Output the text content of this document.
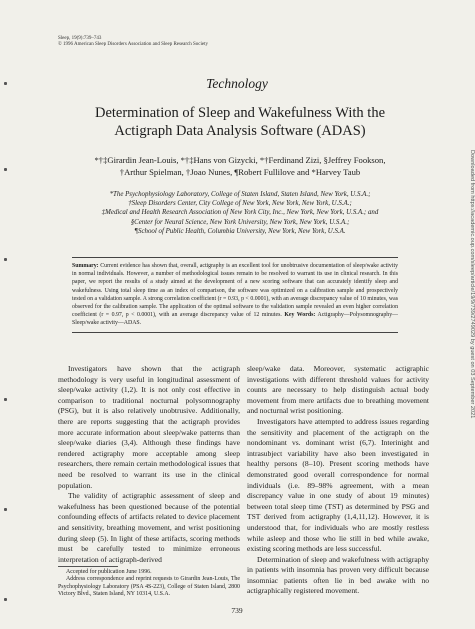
Sleep, 19(9):739–743
© 1996 American Sleep Disorders Association and Sleep Research Society
Technology
Determination of Sleep and Wakefulness With the
Actigraph Data Analysis Software (ADAS)
*†‡Girardin Jean-Louis, *†‡Hans von Gizycki, *†Ferdinand Zizi, §Jeffrey Fookson,
†Arthur Spielman, †Joao Nunes, ¶Robert Fullilove and *Harvey Taub
*The Psychophysiology Laboratory, College of Staten Island, Staten Island, New York, U.S.A.;
†Sleep Disorders Center, City College of New York, New York, New York, U.S.A.;
‡Medical and Health Research Association of New York City, Inc., New York, New York, U.S.A.; and
§Center for Neural Science, New York University, New York, New York, U.S.A.;
¶School of Public Health, Columbia University, New York, New York, U.S.A.
Summary: Current evidence has shown that, overall, actigraphy is an excellent tool for unobtrusive documentation of sleep/wake activity in normal individuals. However, a number of methodological issues remain to be resolved to warrant its use in clinical research. In this paper, we report the results of a study aimed at the development of a new scoring software that can accurately identify sleep and wakefulness. Using total sleep time as an index of comparison, the software was optimized on a calibration sample and prospectively tested on a validation sample. A strong correlation coefficient (r = 0.93, p < 0.0001), with an average discrepancy value of 10 minutes, was observed for the calibration sample. The application of the optimal software to the validation sample revealed an even higher correlation coefficient (r = 0.97, p < 0.0001), with an average discrepancy value of 12 minutes. Key Words: Actigraphy—Polysomnography—Sleep/wake activity—ADAS.

Investigators have shown that the actigraph methodology is very useful in longitudinal assessment of sleep/wake activity (1,2). It is not only cost effective in comparison to traditional nocturnal polysomnography (PSG), but it is also relatively unobtrusive. Additionally, there are reports suggesting that the actigraph provides more accurate information about sleep/wake patterns than sleep/wake diaries (3,4). Although these findings have rendered actigraphy more acceptable among sleep researchers, there remain certain methodological issues that need be resolved to warrant its use in the clinical population.

The validity of actigraphic assessment of sleep and wakefulness has been questioned because of the potential confounding effects of artifacts related to device placement and sensitivity, breathing movement, and wrist positioning during sleep (5). In light of these artifacts, scoring methods must be carefully tested to minimize erroneous interpretation of actigraph-derived

sleep/wake data. Moreover, systematic actigraphic investigations with different threshold values for activity counts are necessary to help distinguish actual body movement from mere artifacts due to breathing movement and nocturnal wrist positioning.

Investigators have attempted to address issues regarding the sensitivity and placement of the actigraph on the nondominant vs. dominant wrist (6,7). Interinight and intrasubject variability have also been investigated in healthy persons (8–10). Present scoring methods have demonstrated good overall correspondence for normal individuals (i.e. 89–98% agreement, with a mean discrepancy value in one study of about 19 minutes) between total sleep time (TST) as determined by PSG and TST derived from actigraphy (1,4,11,12). However, it is understood that, for individuals who are mostly restless while asleep and those who lie still in bed while awake, existing scoring methods are less successful.

Determination of sleep and wakefulness with actigraphy in patients with insomnia has proven very difficult because insomniac patients often lie in bed awake with no actigraphically registered movement.

Accepted for publication June 1996.
Address correspondence and reprint requests to Girardin Jean-Louis, The Psychophysiology Laboratory (PSA 4S-223), College of Staten Island, 2800 Victory Blvd., Staten Island, NY 10314, U.S.A.
739
Downloaded from https://academic.oup.com/sleep/article/19/9/739/2749029 by guest on 03 September 2021
